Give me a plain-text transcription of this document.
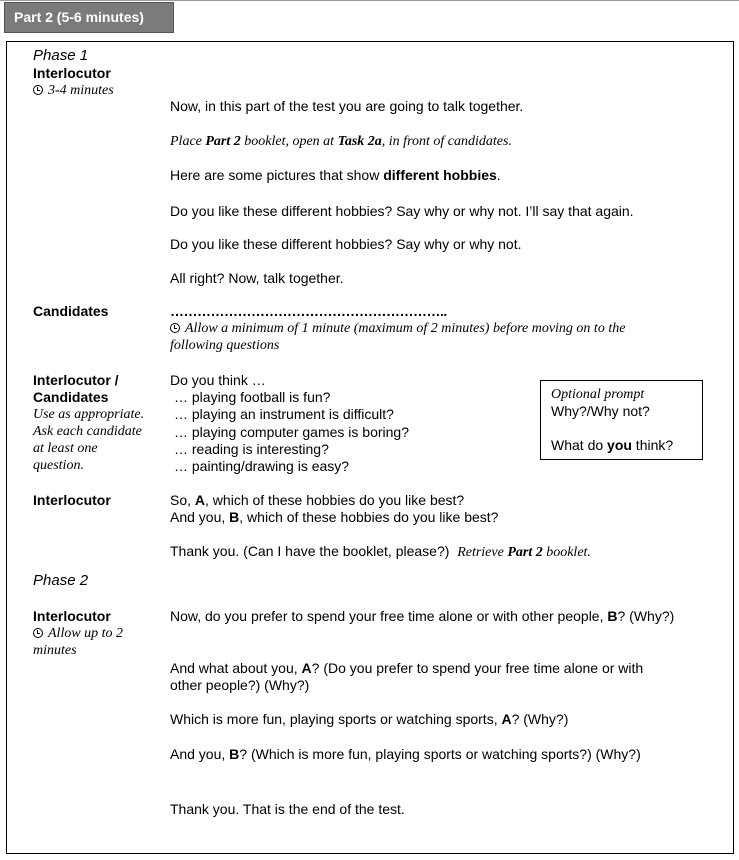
Part 2 (5-6 minutes)
Phase 1
Interlocutor
3-4 minutes
Now, in this part of the test you are going to talk together.
Place Part 2 booklet, open at Task 2a, in front of candidates.
Here are some pictures that show different hobbies.
Do you like these different hobbies? Say why or why not. I’ll say that again.
Do you like these different hobbies? Say why or why not.
All right? Now, talk together.
Candidates	……………………………………………………..
Allow a minimum of 1 minute (maximum of 2 minutes) before moving on to the
following questions
Interlocutor /
Candidates
Use as appropriate.
Ask each candidate
at least one
question.
Do you think …
… playing football is fun?
… playing an instrument is difficult?
… playing computer games is boring?
… reading is interesting?
… painting/drawing is easy?
Optional prompt
Why?/Why not?
What do you think?
Interlocutor	So, A, which of these hobbies do you like best?
And you, B, which of these hobbies do you like best?
Thank you. (Can I have the booklet, please?) Retrieve Part 2 booklet.
Phase 2
Interlocutor
Allow up to 2
minutes
Now, do you prefer to spend your free time alone or with other people, B? (Why?)
And what about you, A? (Do you prefer to spend your free time alone or with
other people?) (Why?)
Which is more fun, playing sports or watching sports, A? (Why?)
And you, B? (Which is more fun, playing sports or watching sports?) (Why?)
Thank you. That is the end of the test.
